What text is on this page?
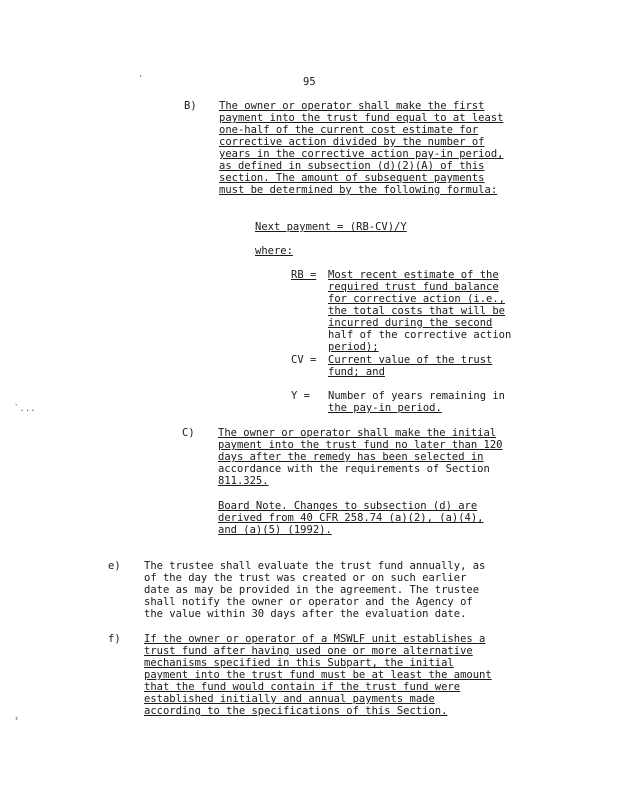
95
·
`...
‹
B) The owner or operator shall make the first
payment into the trust fund equal to at least
one-half of the current cost estimate for
corrective action divided by the number of
years in the corrective action pay-in period,
as defined in subsection (d)(2)(A) of this
section. The amount of subsequent payments
must be determined by the following formula:
Next payment = (RB-CV)/Y
where:
RB = Most recent estimate of the
required trust fund balance
for corrective action (i.e.,
the total costs that will be
incurred during the second
half of the corrective action
period);
CV = Current value of the trust
fund; and
Y = Number of years remaining in
the pay-in period.
C) The owner or operator shall make the initial
payment into the trust fund no later than 120
days after the remedy has been selected in
accordance with the requirements of Section
811.325.
Board Note. Changes to subsection (d) are
derived from 40 CFR 258.74 (a)(2), (a)(4),
and (a)(5) (1992).
e) The trustee shall evaluate the trust fund annually, as
of the day the trust was created or on such earlier
date as may be provided in the agreement. The trustee
shall notify the owner or operator and the Agency of
the value within 30 days after the evaluation date.
f) If the owner or operator of a MSWLF unit establishes a
trust fund after having used one or more alternative
mechanisms specified in this Subpart, the initial
payment into the trust fund must be at least the amount
that the fund would contain if the trust fund were
established initially and annual payments made
according to the specifications of this Section.
